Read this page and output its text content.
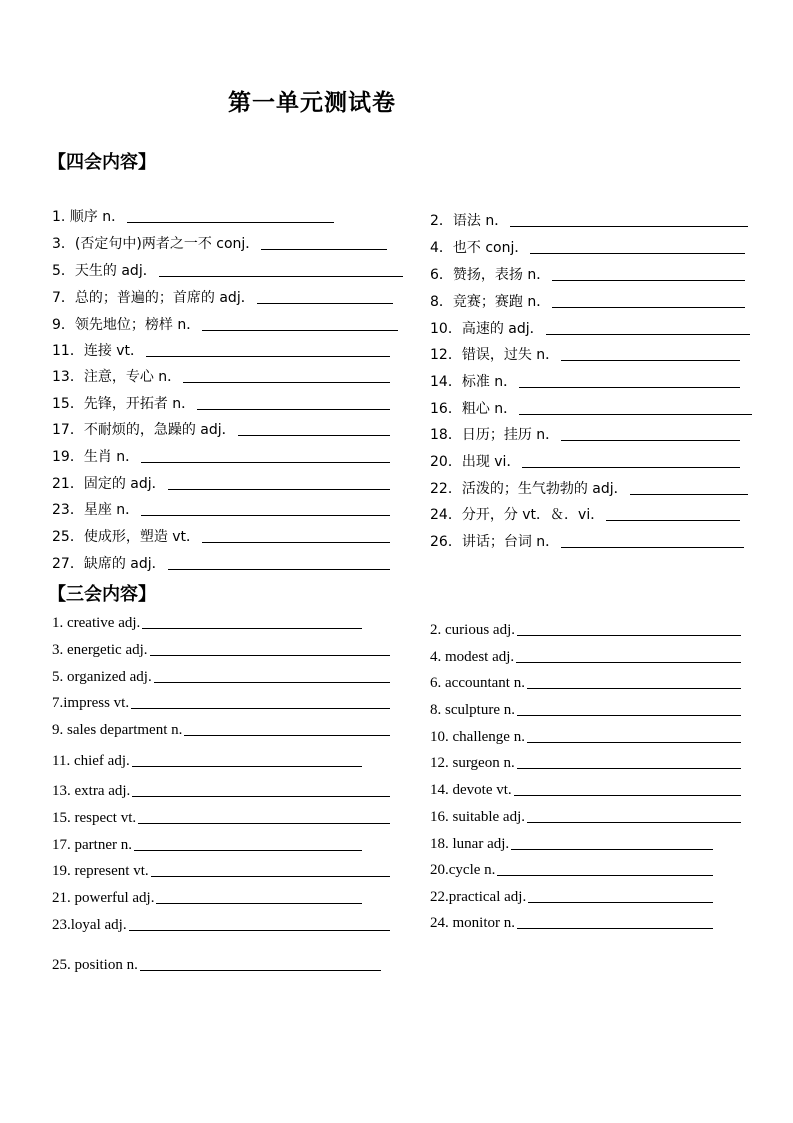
第一单元测试卷
【四会内容】
【三会内容】
1. 顺序 n．
3．(否定句中)两者之一不 conj．
5．天生的 adj．
7．总的；普遍的；首席的 adj．
9．领先地位；榜样 n．
11．连接 vt．
13．注意，专心 n．
15．先锋，开拓者 n．
17．不耐烦的，急躁的 adj．
19．生肖 n．
21．固定的 adj．
23．星座 n．
25．使成形，塑造 vt．
27．缺席的 adj．
2．语法 n．
4．也不 conj．
6．赞扬，表扬 n．
8．竞赛；赛跑 n．
10．高速的 adj．
12．错误，过失 n．
14．标准 n．
16．粗心 n．
18．日历；挂历 n．
20．出现 vi．
22．活泼的；生气勃勃的 adj．
24．分开，分 vt．＆．vi．
26．讲话；台词 n．
1. creative adj.
3. energetic adj.
5. organized adj.
7.impress vt.
9. sales department n.
11. chief adj.
13. extra adj.
15. respect vt.
17. partner n.
19. represent vt.
21. powerful adj.
23.loyal adj.
25. position n.
2. curious adj.
4. modest adj.
6. accountant n.
8. sculpture n.
10. challenge n.
12. surgeon n.
14. devote vt.
16. suitable adj.
18. lunar adj.
20.cycle n.
22.practical adj.
24. monitor n.
